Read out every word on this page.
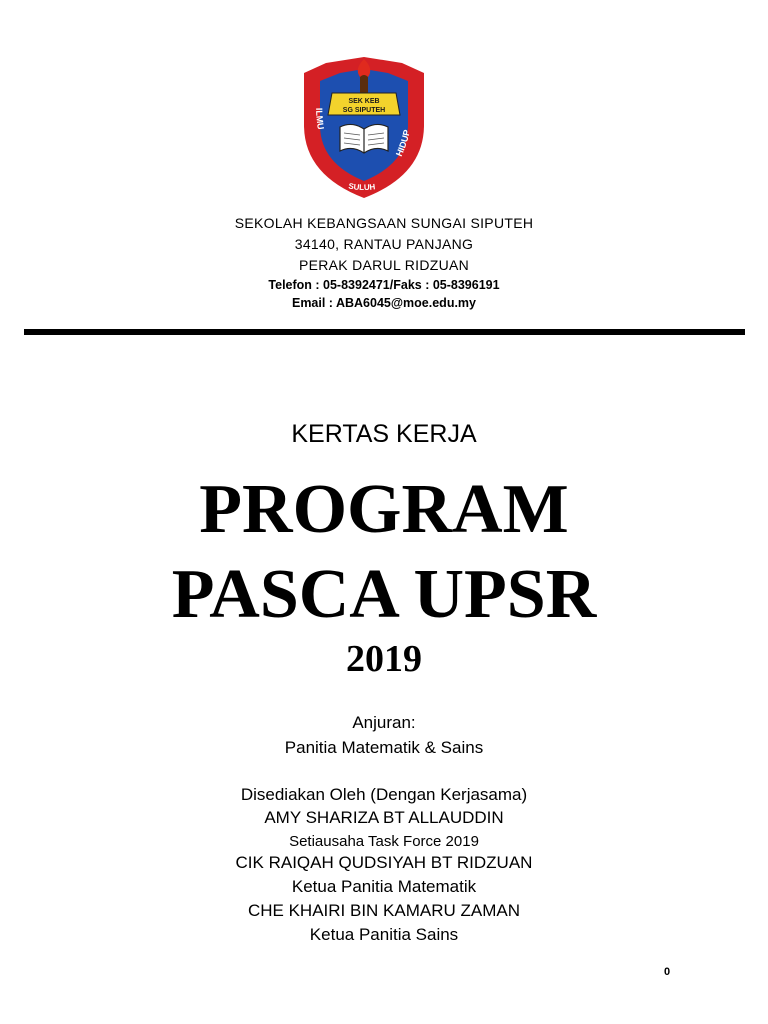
SEK KEB
SG SIPUTEH
ILMU
HIDUP
SULUH
SEKOLAH KEBANGSAAN SUNGAI SIPUTEH
34140, RANTAU PANJANG
PERAK DARUL RIDZUAN
Telefon : 05-8392471/Faks : 05-8396191
Email : ABA6045@moe.edu.my
KERTAS KERJA
PROGRAM
PASCA UPSR
2019
Anjuran:
Panitia Matematik & Sains
Disediakan Oleh (Dengan Kerjasama)
AMY SHARIZA BT ALLAUDDIN
Setiausaha Task Force 2019
CIK RAIQAH QUDSIYAH BT RIDZUAN
Ketua Panitia Matematik
CHE KHAIRI BIN KAMARU ZAMAN
Ketua Panitia Sains
0
